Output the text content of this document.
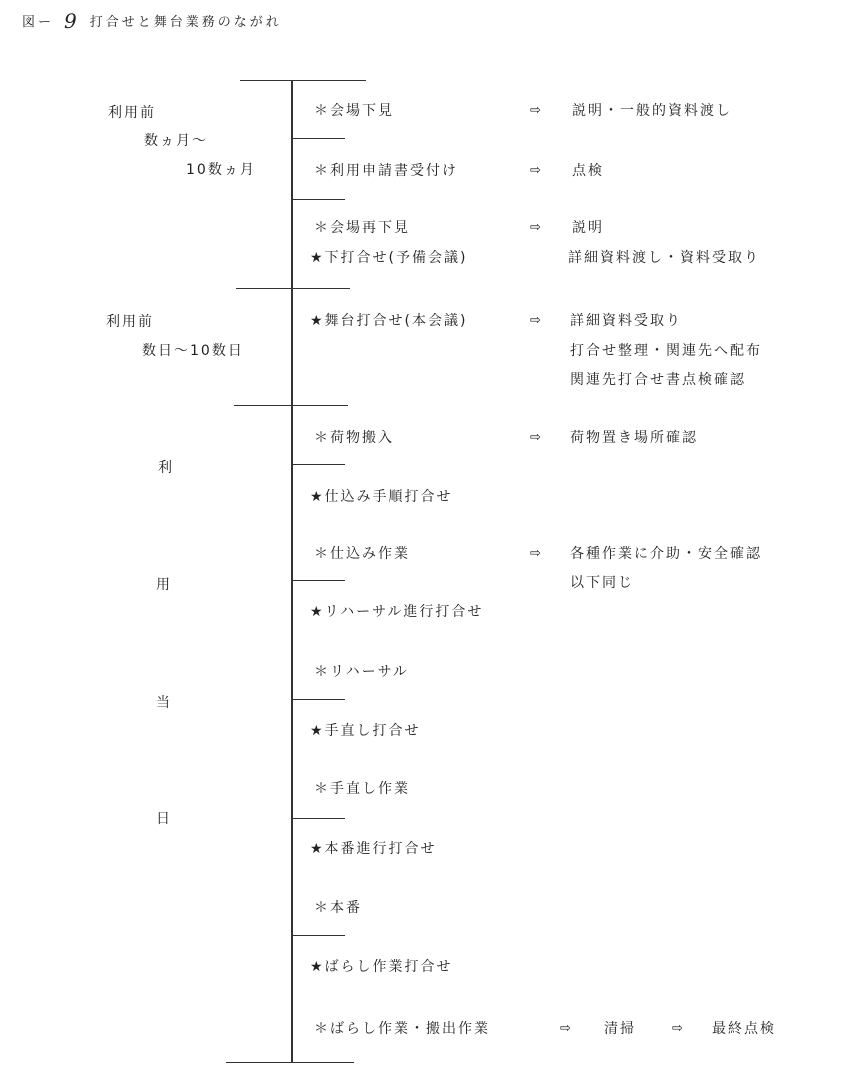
図ー 9 打合せと舞台業務のながれ
利用前
数ヵ月～
10数ヵ月
利用前
数日～10数日
利
用
当
日
＊会場下見	⇨ 説明・一般的資料渡し
＊利用申請書受付け	⇨ 点検
＊会場再下見	⇨ 説明
★下打合せ(予備会議)	詳細資料渡し・資料受取り
★舞台打合せ(本会議)	⇨ 詳細資料受取り
打合せ整理・関連先へ配布
関連先打合せ書点検確認
＊荷物搬入	⇨ 荷物置き場所確認
★仕込み手順打合せ
＊仕込み作業	⇨ 各種作業に介助・安全確認
以下同じ
★リハーサル進行打合せ
＊リハーサル
★手直し打合せ
＊手直し作業
★本番進行打合せ
＊本番
★ばらし作業打合せ
＊ばらし作業・搬出作業	⇨ 清掃	⇨ 最終点検
